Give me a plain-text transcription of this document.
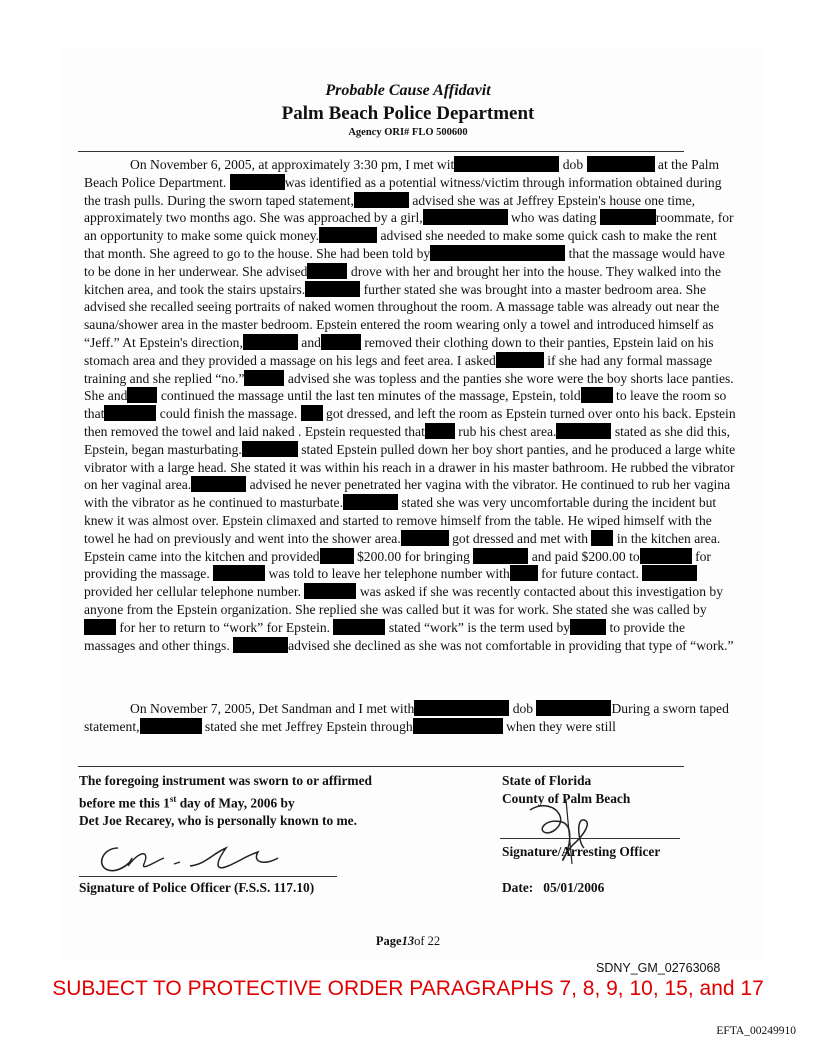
Probable Cause Affidavit
Palm Beach Police Department
Agency ORI# FLO 500600

On November 6, 2005, at approximately 3:30 pm, I met wit	dob	at the Palm Beach Police Department.	was identified as a potential witness/victim through information obtained during the trash pulls. During the sworn taped statement,	advised she was at Jeffrey Epstein's house one time, approximately two months ago. She was approached by a girl,	who was dating	roommate, for an opportunity to make some quick money.	advised she needed to make some quick cash to make the rent that month. She agreed to go to the house. She had been told by	that the massage would have to be done in her underwear. She advised	drove with her and brought her into the house. They walked into the kitchen area, and took the stairs upstairs.	further stated she was brought into a master bedroom area. She advised she recalled seeing portraits of naked women throughout the room. A massage table was already out near the sauna/shower area in the master bedroom. Epstein entered the room wearing only a towel and introduced himself as “Jeff.” At Epstein's direction,	and	removed their clothing down to their panties, Epstein laid on his stomach area and they provided a massage on his legs and feet area. I asked	if she had any formal massage training and she replied “no.”	advised she was topless and the panties she wore were the boy shorts lace panties. She and continued the massage until the last ten minutes of the massage, Epstein, told	to leave the room so that	could finish the massage. got dressed, and left the room as Epstein turned over onto his back. Epstein then removed the towel and laid naked . Epstein requested that rub his chest area.	stated as she did this, Epstein, began masturbating.	stated Epstein pulled down her boy short panties, and he produced a large white vibrator with a large head. She stated it was within his reach in a drawer in his master bathroom. He rubbed the vibrator on her vaginal area.	advised he never penetrated her vagina with the vibrator. He continued to rub her vagina with the vibrator as he continued to masturbate.	stated she was very uncomfortable during the incident but knew it was almost over. Epstein climaxed and started to remove himself from the table. He wiped himself with the towel he had on previously and went into the shower area.	got dressed and met with in the kitchen area. Epstein came into the kitchen and provided	$200.00 for bringing	and paid $200.00 to	for providing the massage.	was told to leave her telephone number with for future contact.  provided her cellular telephone number.	was asked if she was recently contacted about this investigation by anyone from the Epstein organization. She replied she was called but it was for work. She stated she was called by for her to return to “work” for Epstein.	stated “work” is the term used by	to provide the massages and other things.	advised she declined as she was not comfortable in providing that type of “work.”

On November 7, 2005, Det Sandman and I met with	dob	During a sworn taped statement,	stated she met Jeffrey Epstein through	when they were still

The foregoing instrument was sworn to or affirmed
before me this 1st day of May, 2006 by
Det Joe Recarey, who is personally known to me.
State of Florida
County of Palm Beach
Signature of Police Officer (F.S.S. 117.10)
Signature/Arresting Officer
Date: 05/01/2006
Page13of 22
SDNY_GM_02763068
SUBJECT TO PROTECTIVE ORDER PARAGRAPHS 7, 8, 9, 10, 15, and 17
EFTA_00249910
